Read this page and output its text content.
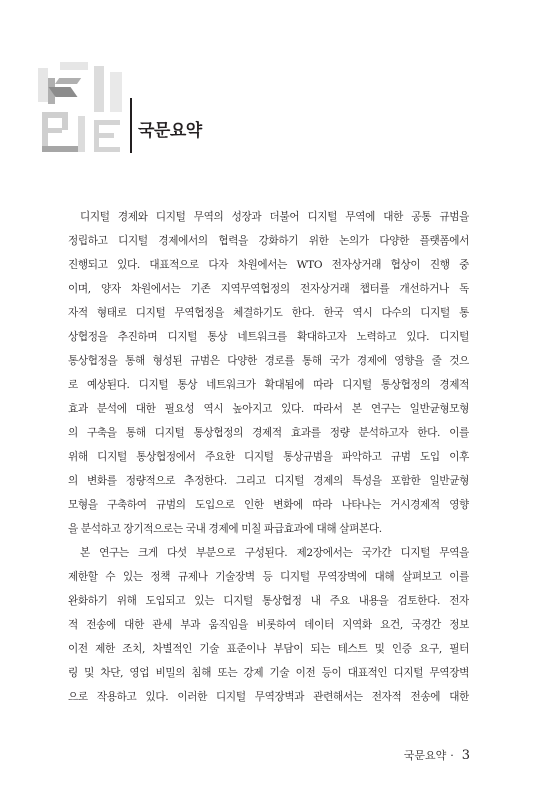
국문요약
디지털 경제와 디지털 무역의 성장과 더불어 디지털 무역에 대한 공통 규범을
정립하고 디지털 경제에서의 협력을 강화하기 위한 논의가 다양한 플랫폼에서
진행되고 있다. 대표적으로 다자 차원에서는 WTO 전자상거래 협상이 진행 중
이며, 양자 차원에서는 기존 지역무역협정의 전자상거래 챕터를 개선하거나 독
자적 형태로 디지털 무역협정을 체결하기도 한다. 한국 역시 다수의 디지털 통
상협정을 추진하며 디지털 통상 네트워크를 확대하고자 노력하고 있다. 디지털
통상협정을 통해 형성된 규범은 다양한 경로를 통해 국가 경제에 영향을 줄 것으
로 예상된다. 디지털 통상 네트워크가 확대됨에 따라 디지털 통상협정의 경제적
효과 분석에 대한 필요성 역시 높아지고 있다. 따라서 본 연구는 일반균형모형
의 구축을 통해 디지털 통상협정의 경제적 효과를 정량 분석하고자 한다. 이를
위해 디지털 통상협정에서 주요한 디지털 통상규범을 파악하고 규범 도입 이후
의 변화를 정량적으로 추정한다. 그리고 디지털 경제의 특성을 포함한 일반균형
모형을 구축하여 규범의 도입으로 인한 변화에 따라 나타나는 거시경제적 영향
을 분석하고 장기적으로는 국내 경제에 미칠 파급효과에 대해 살펴본다.
본 연구는 크게 다섯 부분으로 구성된다. 제2장에서는 국가간 디지털 무역을
제한할 수 있는 정책 규제나 기술장벽 등 디지털 무역장벽에 대해 살펴보고 이를
완화하기 위해 도입되고 있는 디지털 통상협정 내 주요 내용을 검토한다. 전자
적 전송에 대한 관세 부과 움직임을 비롯하여 데이터 지역화 요건, 국경간 정보
이전 제한 조치, 차별적인 기술 표준이나 부담이 되는 테스트 및 인증 요구, 필터
링 및 차단, 영업 비밀의 침해 또는 강제 기술 이전 등이 대표적인 디지털 무역장벽
으로 작용하고 있다. 이러한 디지털 무역장벽과 관련해서는 전자적 전송에 대한
국문요약 · 3
